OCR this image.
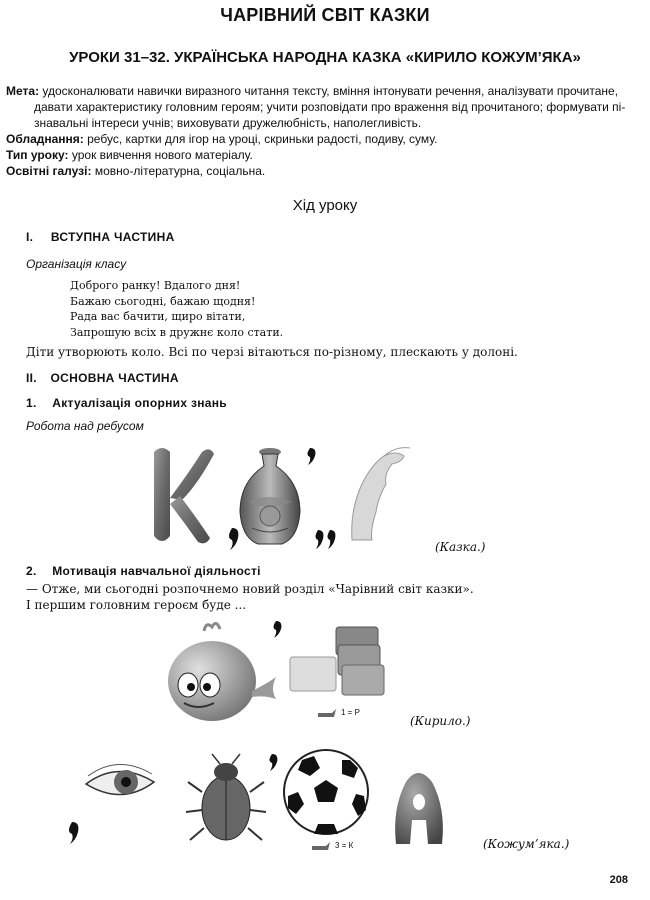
ЧАРІВНИЙ СВІТ КАЗКИ
УРОКИ 31–32. УКРАЇНСЬКА НАРОДНА КАЗКА «КИРИЛО КОЖУМ’ЯКА»

Мета: удосконалювати навички виразного читання тексту, вміння інтонувати речення, аналізувати прочитане,

давати характеристику головним героям; учити розповідати про враження від прочитаного; формувати пі-

знавальні інтереси учнів; виховувати дружелюбність, наполегливість.

Обладнання: ребус, картки для ігор на уроці, скриньки радості, подиву, суму.

Тип уроку: урок вивчення нового матеріалу.

Освітні галузі: мовно-літературна, соціальна.

Хід уроку
I. ВСТУПНА ЧАСТИНА
Організація класу
Доброго ранку! Вдалого дня!
Бажаю сьогодні, бажаю щодня!
Рада вас бачити, щиро вітати,
Запрошую всіх в дружнє коло стати.
Діти утворюють коло. Всі по черзі вітаються по-різному, плескають у долоні.
II. ОСНОВНА ЧАСТИНА
1. Актуалізація опорних знань
Робота над ребусом
(Казка.)
2. Мотивація навчальної діяльності
— Отже, ми сьогодні розпочнемо новий розділ «Чарівний світ казки».
І першим головним героєм буде ...
1 = Р
(Кирило.)
3 = К	(Кожум’яка.)
208
